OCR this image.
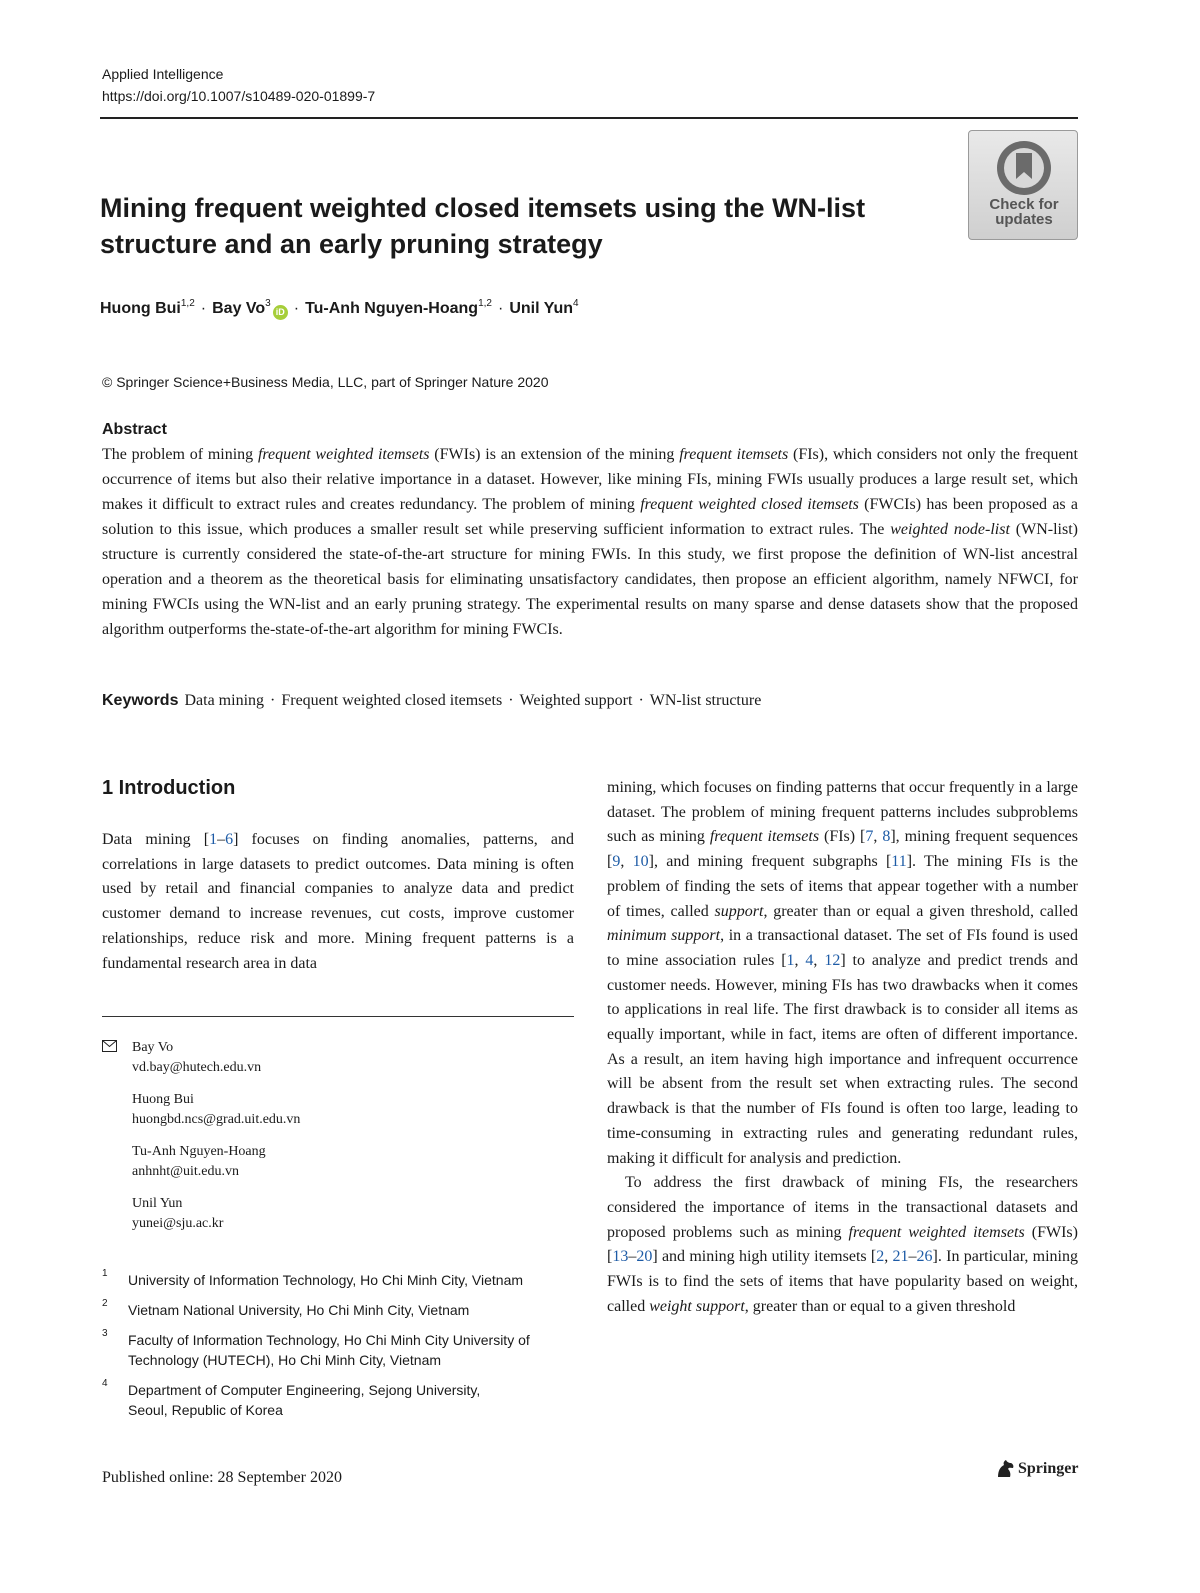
Applied Intelligence
https://doi.org/10.1007/s10489-020-01899-7
Mining frequent weighted closed itemsets using the WN-list structure and an early pruning strategy
Check for
updates
Huong Bui$^{1,2}$ · Bay $Vo^3iD \cdot Tu-Anh$ Nguyen-Hoang$^{1,2}$ · Unil Yun$^4$
© Springer Science+Business Media, LLC, part of Springer Nature 2020
Abstract
The problem of mining frequent weighted itemsets (FWIs) is an extension of the mining frequent itemsets (FIs), which considers not only the frequent occurrence of items but also their relative importance in a dataset. However, like mining FIs, mining FWIs usually produces a large result set, which makes it difficult to extract rules and creates redundancy. The problem of mining frequent weighted closed itemsets (FWCIs) has been proposed as a solution to this issue, which produces a smaller result set while preserving sufficient information to extract rules. The weighted node-list (WN-list) structure is currently considered the state-of-the-art structure for mining FWIs. In this study, we first propose the definition of WN-list ancestral operation and a theorem as the theoretical basis for eliminating unsatisfactory candidates, then propose an efficient algorithm, namely NFWCI, for mining FWCIs using the WN-list and an early pruning strategy. The experimental results on many sparse and dense datasets show that the proposed algorithm outperforms the-state-of-the-art algorithm for mining FWCIs.
Keywords Data mining · Frequent weighted closed itemsets · Weighted support · WN-list structure
1 Introduction

Data mining [1–6] focuses on finding anomalies, patterns, and correlations in large datasets to predict outcomes. Data mining is often used by retail and financial companies to analyze data and predict customer demand to increase revenues, cut costs, improve customer relationships, reduce risk and more. Mining frequent patterns is a fundamental research area in data

mining, which focuses on finding patterns that occur frequently in a large dataset. The problem of mining frequent patterns includes subproblems such as mining frequent itemsets (FIs) [7, 8], mining frequent sequences [9, 10], and mining frequent subgraphs [11]. The mining FIs is the problem of finding the sets of items that appear together with a number of times, called support, greater than or equal a given threshold, called minimum support, in a transactional dataset. The set of FIs found is used to mine association rules [1, 4, 12] to analyze and predict trends and customer needs. However, mining FIs has two drawbacks when it comes to applications in real life. The first drawback is to consider all items as equally important, while in fact, items are often of different importance. As a result, an item having high importance and infrequent occurrence will be absent from the result set when extracting rules. The second drawback is that the number of FIs found is often too large, leading to time-consuming in extracting rules and generating redundant rules, making it difficult for analysis and prediction.

To address the first drawback of mining FIs, the researchers considered the importance of items in the transactional datasets and proposed problems such as mining frequent weighted itemsets (FWIs) [13–20] and mining high utility itemsets [2, 21–26]. In particular, mining FWIs is to find the sets of items that have popularity based on weight, called weight support, greater than or equal to a given threshold

Bay Vo
vd.bay@hutech.edu.vn
Huong Bui
huongbd.ncs@grad.uit.edu.vn
Tu-Anh Nguyen-Hoang
anhnht@uit.edu.vn
Unil Yun
yunei@sju.ac.kr
1 University of Information Technology, Ho Chi Minh City, Vietnam
2 Vietnam National University, Ho Chi Minh City, Vietnam
3 Faculty of Information Technology, Ho Chi Minh City University of
Technology (HUTECH), Ho Chi Minh City, Vietnam
4 Department of Computer Engineering, Sejong University,
Seoul, Republic of Korea
Published online: 28 September 2020
Springer
